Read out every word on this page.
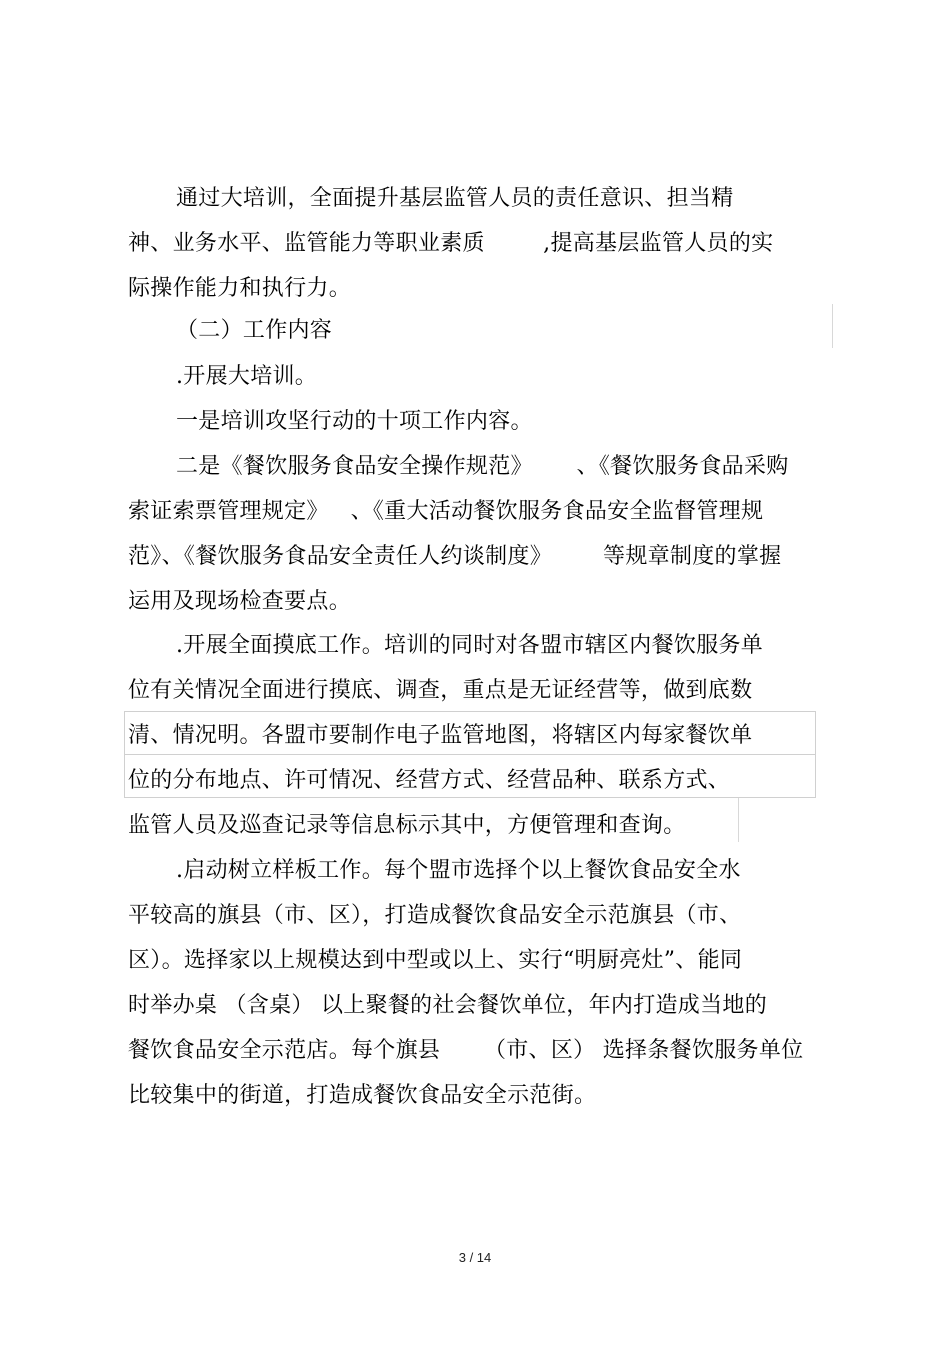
通过大培训，全面提升基层监管人员的责任意识、担当精
神、业务水平、监管能力等职业素质        ,提高基层监管人员的实
际操作能力和执行力。
（二）工作内容
.开展大培训。
一是培训攻坚行动的十项工作内容。
二是《餐饮服务食品安全操作规范》      、《餐饮服务食品采购
索证索票管理规定》   、《重大活动餐饮服务食品安全监督管理规
范》、《餐饮服务食品安全责任人约谈制度》       等规章制度的掌握
运用及现场检查要点。
.开展全面摸底工作。培训的同时对各盟市辖区内餐饮服务单
位有关情况全面进行摸底、调查，重点是无证经营等，做到底数
清、情况明。各盟市要制作电子监管地图，将辖区内每家餐饮单
位的分布地点、许可情况、经营方式、经营品种、联系方式、
监管人员及巡查记录等信息标示其中，方便管理和查询。
.启动树立样板工作。每个盟市选择个以上餐饮食品安全水
平较高的旗县（市、区），打造成餐饮食品安全示范旗县（市、
区）。选择家以上规模达到中型或以上、实行“明厨亮灶”、能同
时举办桌 （含桌） 以上聚餐的社会餐饮单位，年内打造成当地的
餐饮食品安全示范店。每个旗县      （市、区） 选择条餐饮服务单位
比较集中的街道，打造成餐饮食品安全示范街。
3 / 14
